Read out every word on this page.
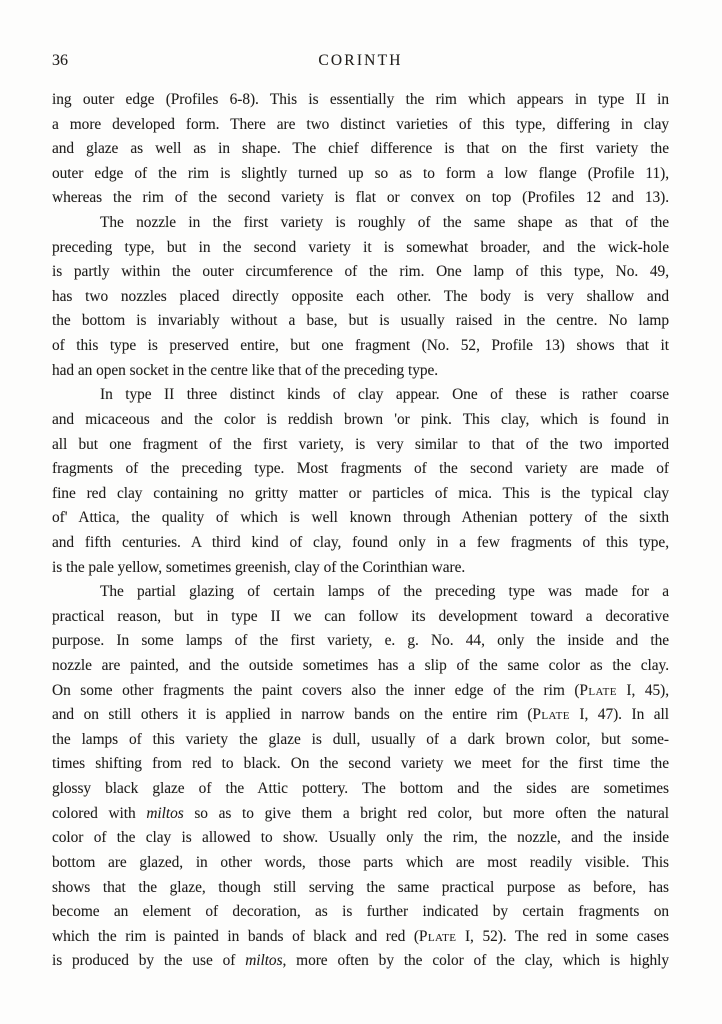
36	CORINTH
ing outer edge (Profiles 6-8). This is essentially the rim which appears in type II in
a more developed form. There are two distinct varieties of this type, differing in clay
and glaze as well as in shape. The chief difference is that on the first variety the
outer edge of the rim is slightly turned up so as to form a low flange (Profile 11),
whereas the rim of the second variety is flat or convex on top (Profiles 12 and 13).
The nozzle in the first variety is roughly of the same shape as that of the
preceding type, but in the second variety it is somewhat broader, and the wick-hole
is partly within the outer circumference of the rim. One lamp of this type, No. 49,
has two nozzles placed directly opposite each other. The body is very shallow and
the bottom is invariably without a base, but is usually raised in the centre. No lamp
of this type is preserved entire, but one fragment (No. 52, Profile 13) shows that it
had an open socket in the centre like that of the preceding type.
In type II three distinct kinds of clay appear. One of these is rather coarse
and micaceous and the color is reddish brown 'or pink. This clay, which is found in
all but one fragment of the first variety, is very similar to that of the two imported
fragments of the preceding type. Most fragments of the second variety are made of
fine red clay containing no gritty matter or particles of mica. This is the typical clay
of' Attica, the quality of which is well known through Athenian pottery of the sixth
and fifth centuries. A third kind of clay, found only in a few fragments of this type,
is the pale yellow, sometimes greenish, clay of the Corinthian ware.
The partial glazing of certain lamps of the preceding type was made for a
practical reason, but in type II we can follow its development toward a decorative
purpose. In some lamps of the first variety, e. g. No. 44, only the inside and the
nozzle are painted, and the outside sometimes has a slip of the same color as the clay.
On some other fragments the paint covers also the inner edge of the rim (Plate I, 45),
and on still others it is applied in narrow bands on the entire rim (Plate I, 47). In all
the lamps of this variety the glaze is dull, usually of a dark brown color, but some-
times shifting from red to black. On the second variety we meet for the first time the
glossy black glaze of the Attic pottery. The bottom and the sides are sometimes
colored with miltos so as to give them a bright red color, but more often the natural
color of the clay is allowed to show. Usually only the rim, the nozzle, and the inside
bottom are glazed, in other words, those parts which are most readily visible. This
shows that the glaze, though still serving the same practical purpose as before, has
become an element of decoration, as is further indicated by certain fragments on
which the rim is painted in bands of black and red (Plate I, 52). The red in some cases
is produced by the use of miltos, more often by the color of the clay, which is highly
